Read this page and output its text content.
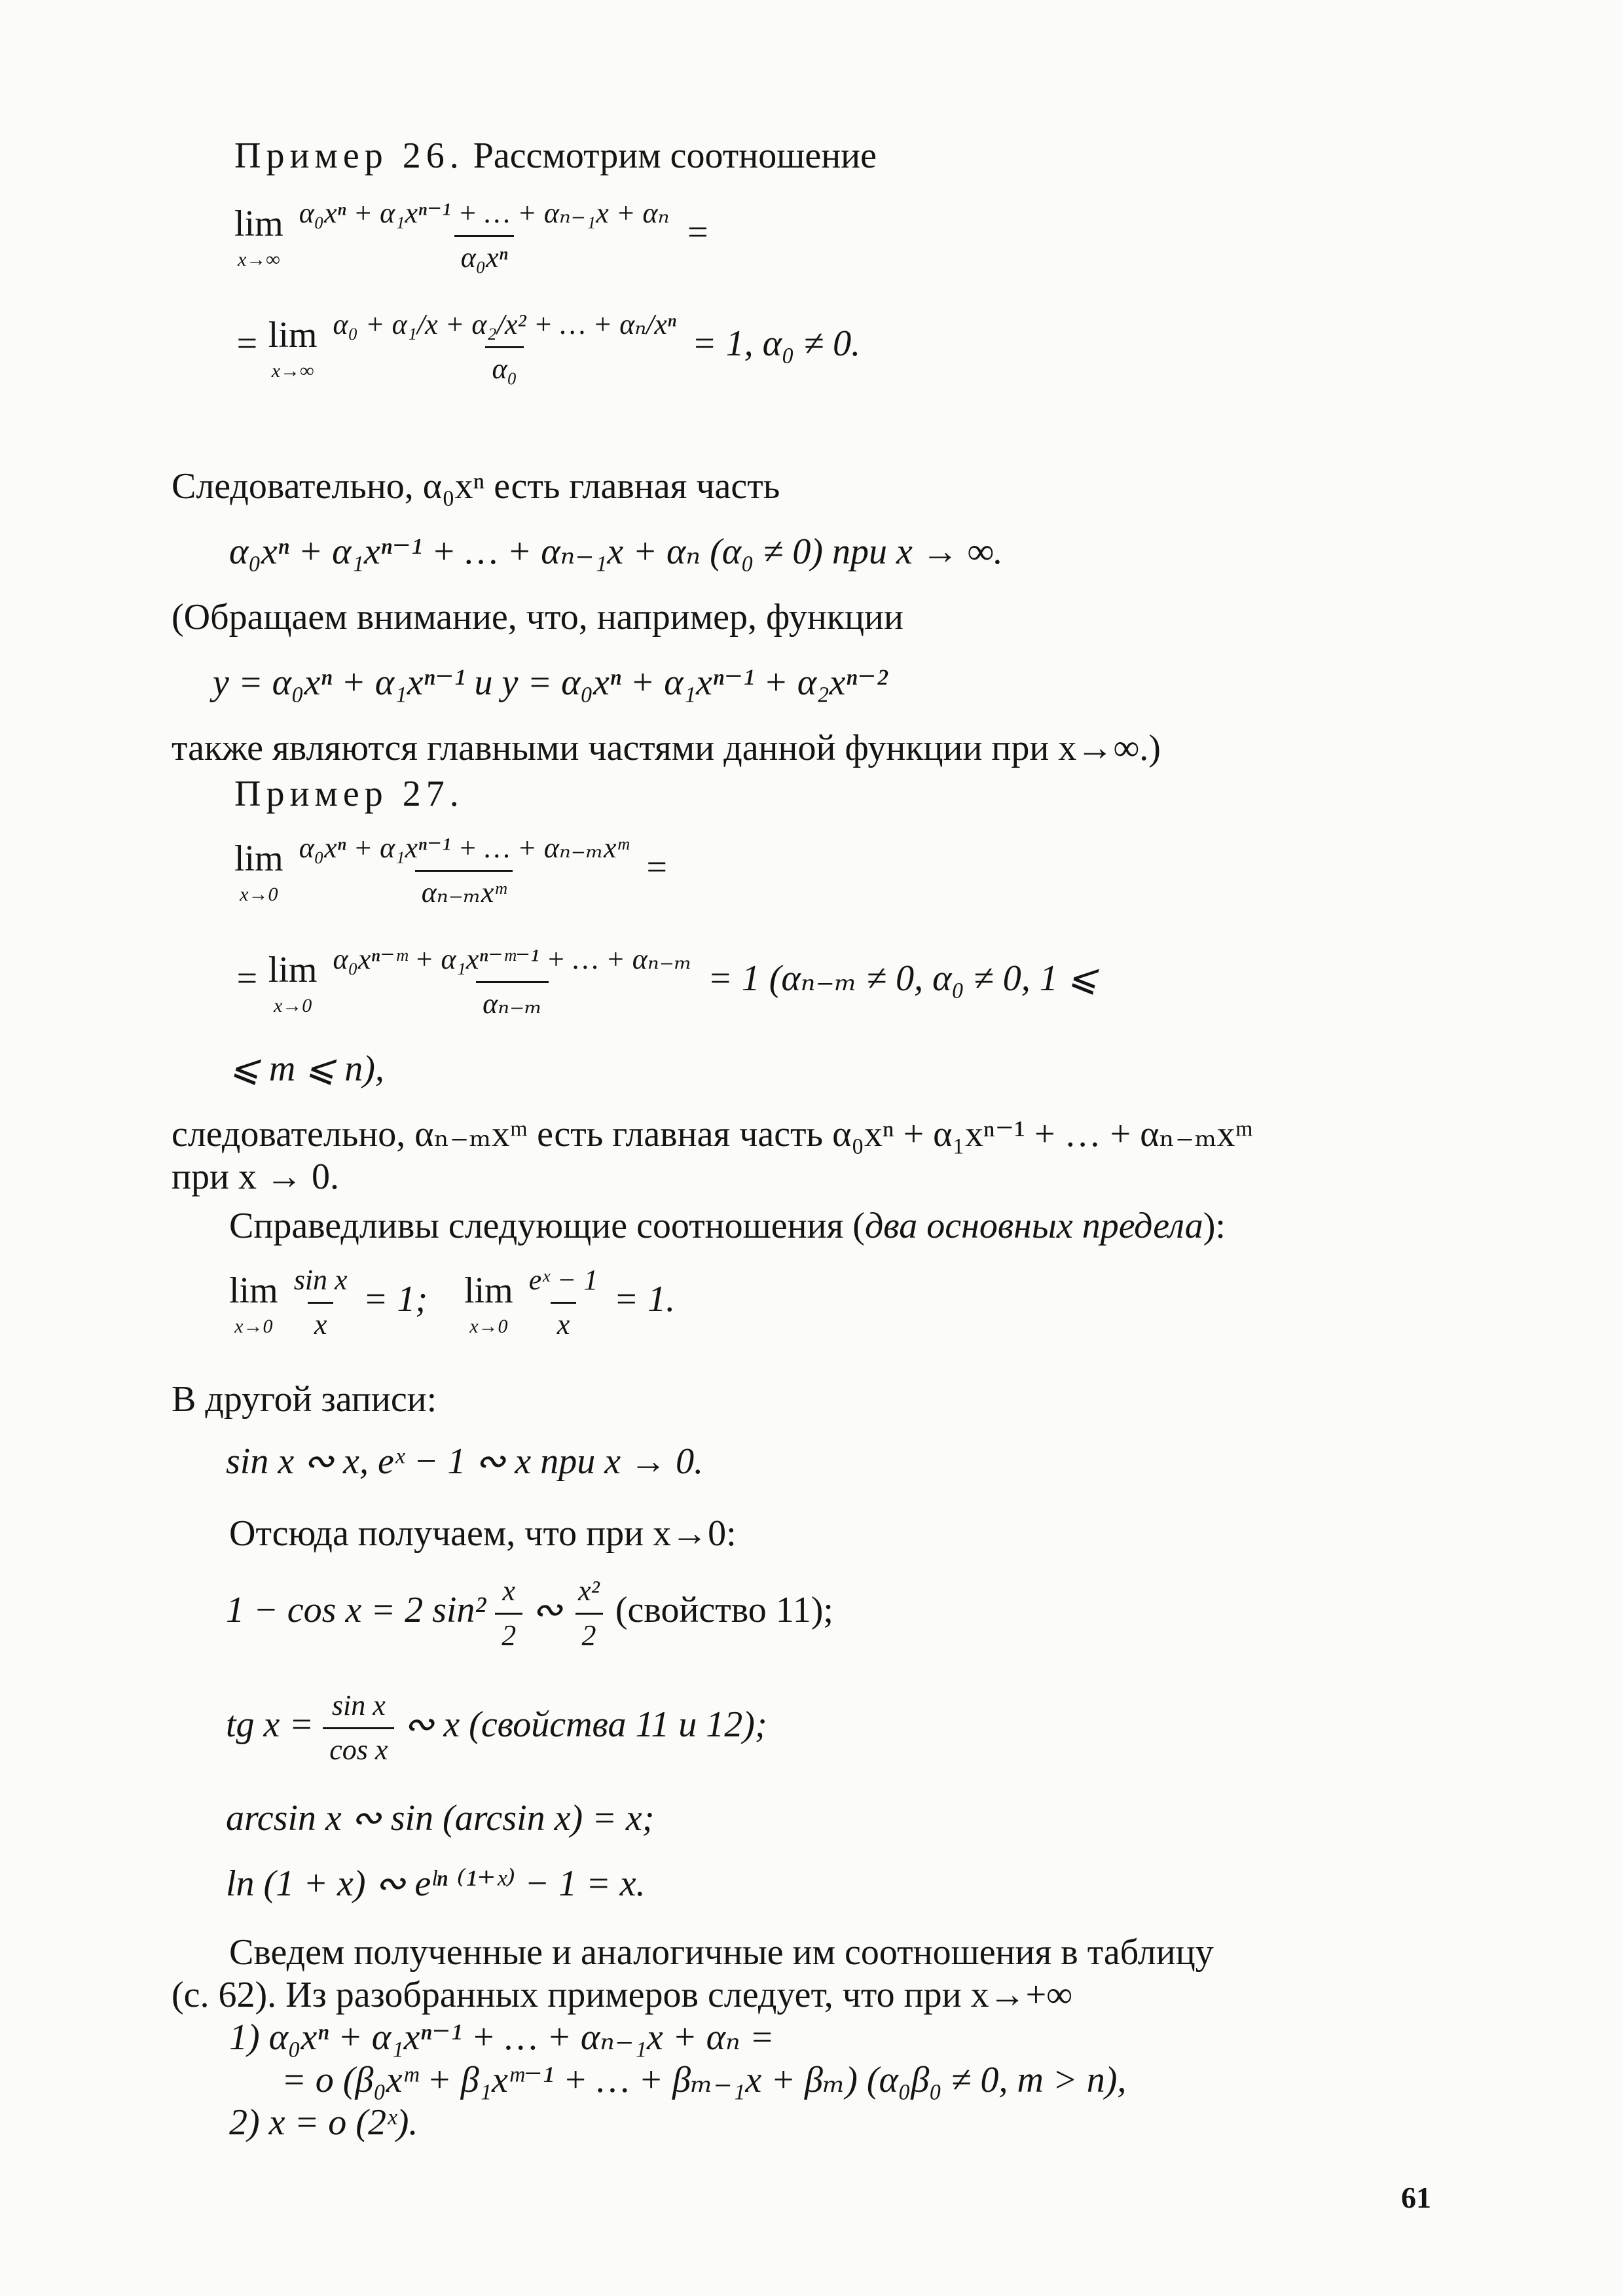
Пример 26. Рассмотрим соотношение
lim
x→∞
$\frac{\text{α₀xⁿ + α₁xⁿ⁻¹ + … + αₙ₋₁x + αₙ}}{\text{α₀xⁿ}}$ =
= lim
x→∞
$\frac{\text{α₀ + α₁/x + α₂/x² + … + αₙ/xⁿ}}{\text{α₀}} = 1$, α₀ ≠ 0.
Следовательно, α₀xⁿ есть главная часть
α₀xⁿ + α₁xⁿ⁻¹ + … + αₙ₋₁x + αₙ (α₀ ≠ 0) при x → ∞.
(Обращаем внимание, что, например, функции
y = α₀xⁿ + α₁xⁿ⁻¹ и y = α₀xⁿ + α₁xⁿ⁻¹ + α₂xⁿ⁻²
также являются главными частями данной функции при x→∞.)
Пример 27.
lim
x→0
$\frac{\text{α₀xⁿ + α₁xⁿ⁻¹ + … + αₙ₋ₘxᵐ}}{\text{αₙ₋ₘxᵐ}}$ =
= lim
x→0
$\frac{\text{α₀xⁿ⁻ᵐ + α₁xⁿ⁻ᵐ⁻¹ + … + αₙ₋ₘ}}{\text{αₙ₋ₘ}} = 1$ (αₙ₋ₘ ≠ 0, α₀ ≠ 0, 1 ⩽
⩽ m ⩽ n),
следовательно, αₙ₋ₘxᵐ есть главная часть α₀xⁿ + α₁xⁿ⁻¹ + … + αₙ₋ₘxᵐ
при x → 0.
Справедливы следующие соотношения (два основных предела):
lim
x→0
$\frac{\text{sin x}}{x} = 1$; lim
x→0
$\frac{\text{eˣ − 1}}{x} = 1$.
В другой записи:
sin x ∾ x, eˣ − 1 ∾ x при x → 0.
Отсюда получаем, что при x→0:
1 − cos x = 2 $\sin^2 \frac{x}{2}$ ∾ $\frac{\text{x²}}{2}$ (свойство 11);
tg $x = \frac{\text{sin x}}{\text{cos x}}$ ∾ x (свойства 11 и 12);
arcsin x ∾ sin (arcsin x) = x;
ln (1 + x) ∾ eˡⁿ ⁽¹⁺ˣ⁾ − 1 = x.
Сведем полученные и аналогичные им соотношения в таблицу
(с. 62). Из разобранных примеров следует, что при x→+∞
1) α₀xⁿ + α₁xⁿ⁻¹ + … + αₙ₋₁x + αₙ =
= o (β₀xᵐ + β₁xᵐ⁻¹ + … + βₘ₋₁x + βₘ) (α₀β₀ ≠ 0, m > n),
2) x = o (2ˣ).
61
